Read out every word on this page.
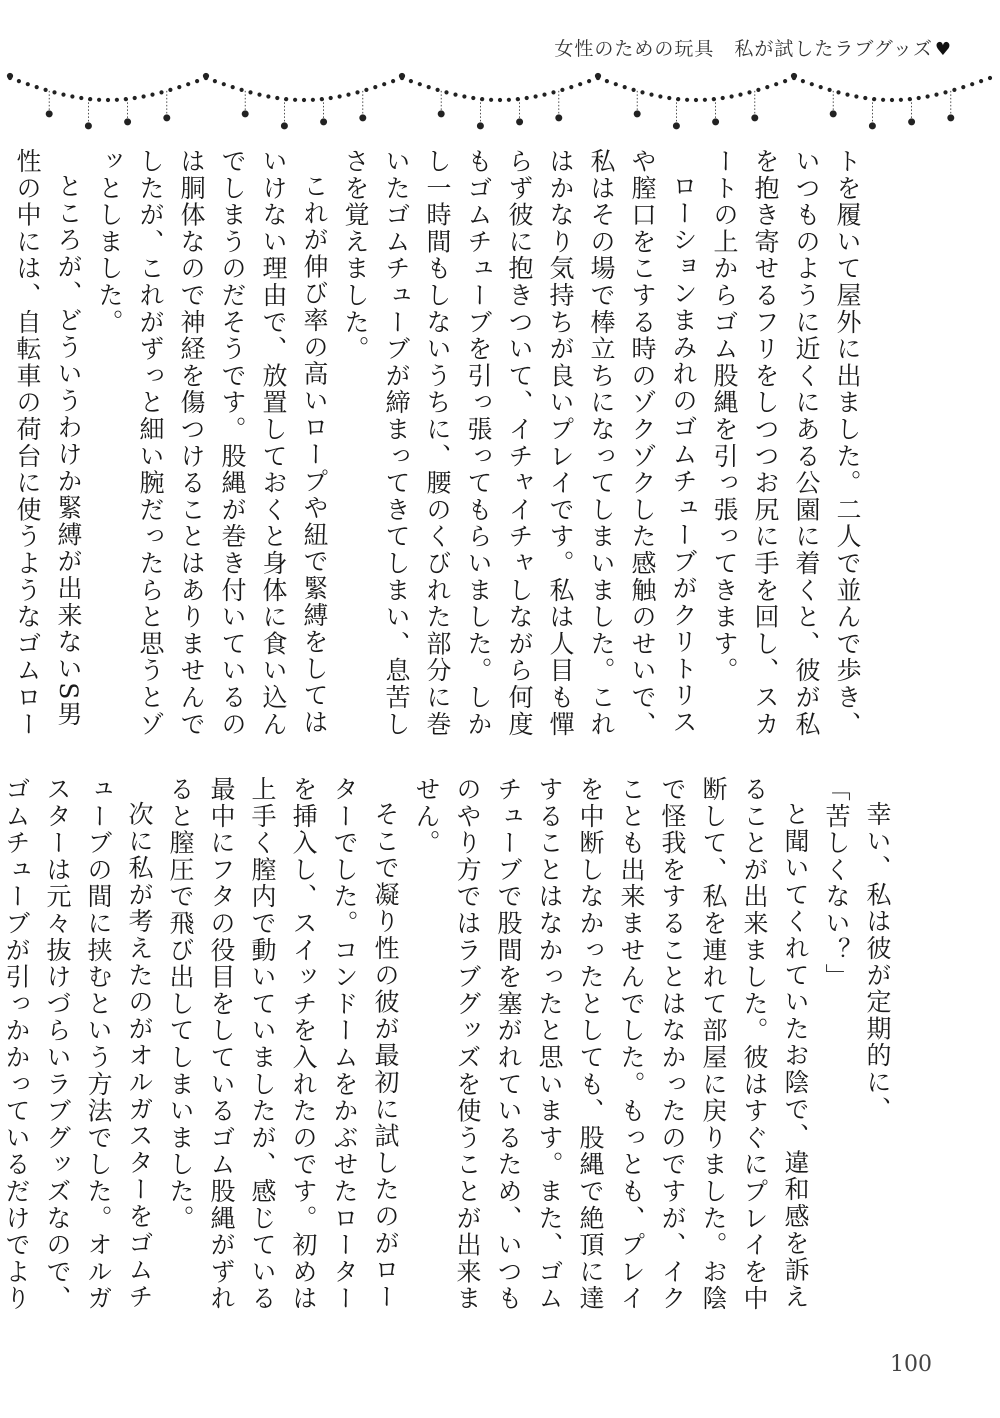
女性のための玩具　私が試したラブグッズ ♥

トを履いて屋外に出ました。二人で並んで歩き、いつものように近くにある公園に着くと、彼が私を抱き寄せるフリをしつつお尻に手を回し、スカートの上からゴム股縄を引っ張ってきます。

ローションまみれのゴムチューブがクリトリスや膣口をこする時のゾクゾクした感触のせいで、私はその場で棒立ちになってしまいました。これはかなり気持ちが良いプレイです。私は人目も憚らず彼に抱きついて、イチャイチャしながら何度もゴムチューブを引っ張ってもらいました。しかし一時間もしないうちに、腰のくびれた部分に巻いたゴムチューブが締まってきてしまい、息苦しさを覚えました。

これが伸び率の高いロープや紐で緊縛をしてはいけない理由で、放置しておくと身体に食い込んでしまうのだそうです。股縄が巻き付いているのは胴体なので神経を傷つけることはありませんでしたが、これがずっと細い腕だったらと思うとゾッとしました。

ところが、どういうわけか緊縛が出来ないS男性の中には、自転車の荷台に使うようなゴムロー

幸い、私は彼が定期的に、

「苦しくない？」

と聞いてくれていたお陰で、違和感を訴えることが出来ました。彼はすぐにプレイを中断して、私を連れて部屋に戻りました。お陰で怪我をすることはなかったのですが、イクことも出来ませんでした。もっとも、プレイを中断しなかったとしても、股縄で絶頂に達することはなかったと思います。また、ゴムチューブで股間を塞がれているため、いつものやり方ではラブグッズを使うことが出来ません。

そこで凝り性の彼が最初に試したのがローターでした。コンドームをかぶせたローターを挿入し、スイッチを入れたのです。初めは上手く膣内で動いていましたが、感じている最中にフタの役目をしているゴム股縄がずれると膣圧で飛び出してしまいました。

次に私が考えたのがオルガスターをゴムチューブの間に挟むという方法でした。オルガスターは元々抜けづらいラブグッズなので、ゴムチューブが引っかかっているだけでより

100
